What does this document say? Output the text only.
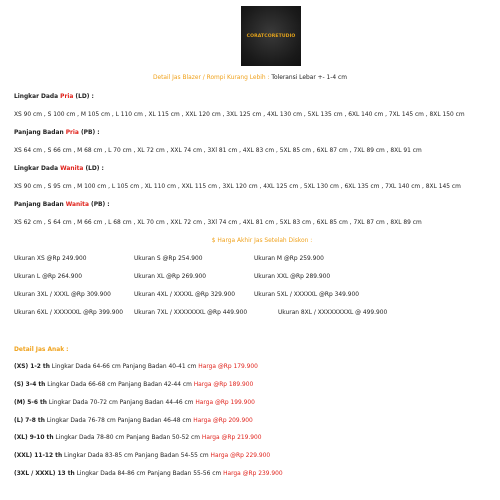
CORATCORETUDIO
Detail Jas Blazer / Rompi Kurang Lebih : Toleransi Lebar +- 1-4 cm
Lingkar Dada Pria (LD) :
XS 90 cm , S 100 cm , M 105 cm , L 110 cm , XL 115 cm , XXL 120 cm , 3XL 125 cm , 4XL 130 cm , 5XL 135 cm , 6XL 140 cm , 7XL 145 cm , 8XL 150 cm
Panjang Badan Pria (PB) :
XS 64 cm , S 66 cm , M 68 cm , L 70 cm , XL 72 cm , XXL 74 cm , 3Xl 81 cm , 4XL 83 cm , 5XL 85 cm , 6XL 87 cm , 7XL 89 cm , 8XL 91 cm
Lingkar Dada Wanita (LD) :
XS 90 cm , S 95 cm , M 100 cm , L 105 cm , XL 110 cm , XXL 115 cm , 3XL 120 cm , 4XL 125 cm , 5XL 130 cm , 6XL 135 cm , 7XL 140 cm , 8XL 145 cm
Panjang Badan Wanita (PB) :
XS 62 cm , S 64 cm , M 66 cm , L 68 cm , XL 70 cm , XXL 72 cm , 3Xl 74 cm , 4XL 81 cm , 5XL 83 cm , 6XL 85 cm , 7XL 87 cm , 8XL 89 cm
$ Harga Akhir Jas Setelah Diskon :
Ukuran XS @Rp 249.900	Ukuran S @Rp 254.900	Ukuran M @Rp 259.900
Ukuran L @Rp 264.900	Ukuran XL @Rp 269.900	Ukuran XXL @Rp 289.900
Ukuran 3XL / XXXL @Rp 309.900	Ukuran 4XL / XXXXL @Rp 329.900	Ukuran 5XL / XXXXXL @Rp 349.900
Ukuran 6XL / XXXXXXL @Rp 399.900 Ukuran 7XL / XXXXXXXL @Rp 449.900	Ukuran 8XL / XXXXXXXXL @ 499.900
Detail Jas Anak :
(XS) 1-2 th Lingkar Dada 64-66 cm Panjang Badan 40-41 cm Harga @Rp 179.900
(S) 3-4 th Lingkar Dada 66-68 cm Panjang Badan 42-44 cm Harga @Rp 189.900
(M) 5-6 th Lingkar Dada 70-72 cm Panjang Badan 44-46 cm Harga @Rp 199.900
(L) 7-8 th Lingkar Dada 76-78 cm Panjang Badan 46-48 cm Harga @Rp 209.900
(XL) 9-10 th Lingkar Dada 78-80 cm Panjang Badan 50-52 cm Harga @Rp 219.900
(XXL) 11-12 th Lingkar Dada 83-85 cm Panjang Badan 54-55 cm Harga @Rp 229.900
(3XL / XXXL) 13 th Lingkar Dada 84-86 cm Panjang Badan 55-56 cm Harga @Rp 239.900
